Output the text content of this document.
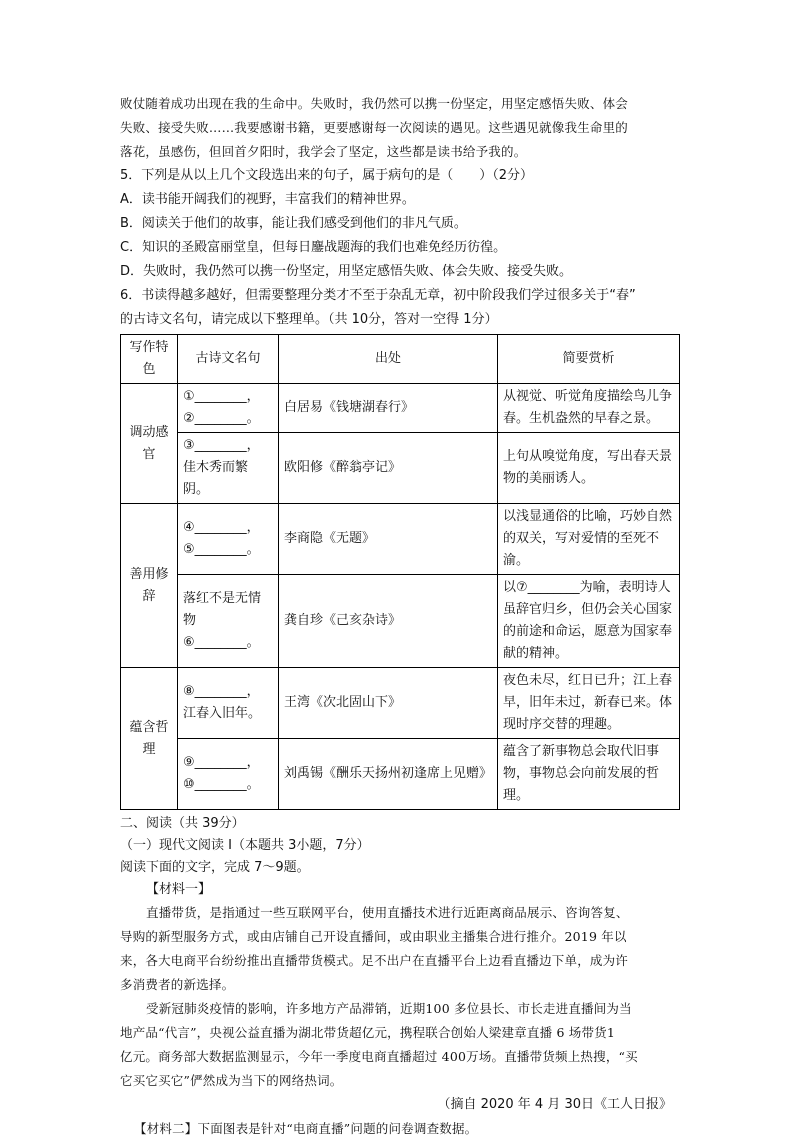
败仗随着成功出现在我的生命中。失败时，我仍然可以携一份坚定，用坚定感悟失败、体会

失败、接受失败……我要感谢书籍，更要感谢每一次阅读的遇见。这些遇见就像我生命里的

落花，虽感伤，但回首夕阳时，我学会了坚定，这些都是读书给予我的。

5．下列是从以上几个文段选出来的句子，属于病句的是（　　）（2分）

A．读书能开阔我们的视野，丰富我们的精神世界。

B．阅读关于他们的故事，能让我们感受到他们的非凡气质。

C．知识的圣殿富丽堂皇，但每日鏖战题海的我们也难免经历彷徨。

D．失败时，我仍然可以携一份坚定，用坚定感悟失败、体会失败、接受失败。

6．书读得越多越好，但需要整理分类才不至于杂乱无章，初中阶段我们学过很多关于“春”

的古诗文名句，请完成以下整理单。（共 10分，答对一空得 1分）

写作特色	古诗文名句	出处	简要赏析
调动感官	①________，
②________。	白居易《钱塘湖春行》	从视觉、听觉角度描绘鸟儿争春。生机盎然的早春之景。

	③________，
佳木秀而繁阴。	欧阳修《醉翁亭记》	上句从嗅觉角度，写出春天景物的美丽诱人。
善用修辞	④________，
⑤________。	李商隐《无题》	以浅显通俗的比喻，巧妙自然的双关，写对爱情的至死不渝。

	落红不是无情
物
⑥________。	龚自珍《己亥杂诗》	以⑦________为喻，表明诗人虽辞官归乡，但仍会关心国家的前途和命运，愿意为国家奉献的精神。
蕴含哲理	⑧________，
江春入旧年。	王湾《次北固山下》	夜色未尽，红日已升；江上春早，旧年未过，新春已来。体现时序交替的理趣。

	⑨________，
⑩________。	刘禹锡《酬乐天扬州初逢席上见赠》	蕴含了新事物总会取代旧事物，事物总会向前发展的哲理。

二、阅读（共 39分）

（一）现代文阅读 I（本题共 3小题，7分）

阅读下面的文字，完成 7～9题。

【材料一】

直播带货，是指通过一些互联网平台，使用直播技术进行近距离商品展示、咨询答复、

导购的新型服务方式，或由店铺自己开设直播间，或由职业主播集合进行推介。2019 年以

来，各大电商平台纷纷推出直播带货模式。足不出户在直播平台上边看直播边下单，成为许

多消费者的新选择。

受新冠肺炎疫情的影响，许多地方产品滞销，近期100 多位县长、市长走进直播间为当

地产品“代言”，央视公益直播为湖北带货超亿元，携程联合创始人梁建章直播 6 场带货1

亿元。商务部大数据监测显示，今年一季度电商直播超过 400万场。直播带货频上热搜，“买

它买它买它”俨然成为当下的网络热词。

（摘自 2020 年 4 月 30日《工人日报》

【材料二】下面图表是针对“电商直播”问题的问卷调查数据。
